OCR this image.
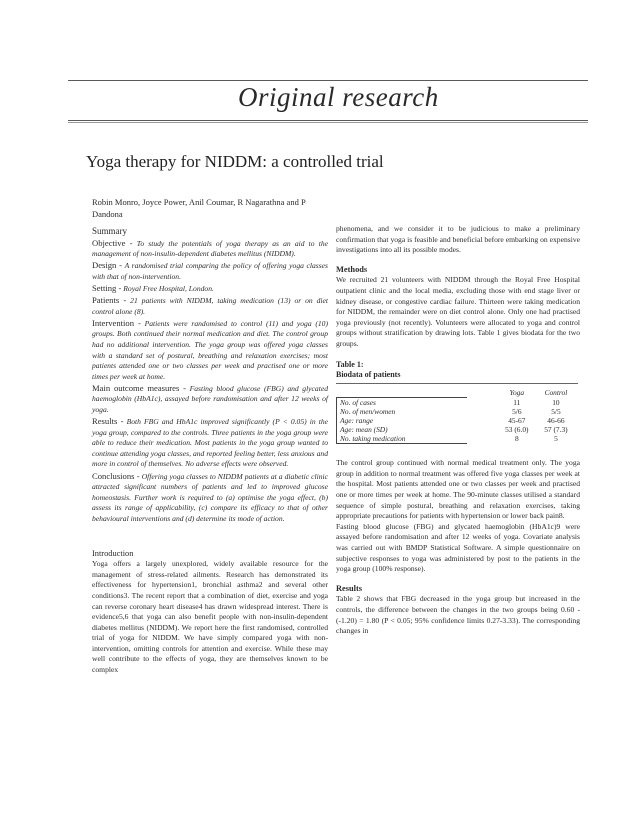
Original research
Yoga therapy for NIDDM: a controlled trial
Robin Monro, Joyce Power, Anil Coumar, R Nagarathna and P Dandona
Summary
Objective - To study the potentials of yoga therapy as an aid to the management of non-insulin-dependent diabetes mellitus (NIDDM).
Design - A randomised trial comparing the policy of offering yoga classes with that of non-intervention.
Setting - Royal Free Hospital, London.
Patients - 21 patients with NIDDM, taking medication (13) or on diet control alone (8).
Intervention - Patients were randomised to control (11) and yoga (10) groups. Both continued their normal medication and diet. The control group had no additional intervention. The yoga group was offered yoga classes with a standard set of postural, breathing and relaxation exercises; most patients attended one or two classes per week and practised one or more times per week at home.
Main outcome measures - Fasting blood glucose (FBG) and glycated haemoglobin (HbA1c), assayed before randomisation and after 12 weeks of yoga.
Results - Both FBG and HbA1c improved significantly (P < 0.05) in the yoga group, compared to the controls. Three patients in the yoga group were able to reduce their medication. Most patients in the yoga group wanted to continue attending yoga classes, and reported feeling better, less anxious and more in control of themselves. No adverse effects were observed.
Conclusions - Offering yoga classes to NIDDM patients at a diabetic clinic attracted significant numbers of patients and led to improved glucose homeostasis. Further work is required to (a) optimise the yoga effect, (b) assess its range of applicability, (c) compare its efficacy to that of other behavioural interventions and (d) determine its mode of action.
Introduction
Yoga offers a largely unexplored, widely available resource for the management of stress-related ailments. Research has demonstrated its effectiveness for hypertension1, bronchial asthma2 and several other conditions3. The recent report that a combination of diet, exercise and yoga can reverse coronary heart disease4 has drawn widespread interest. There is evidence5,6 that yoga can also benefit people with non-insulin-dependent diabetes mellitus (NIDDM). We report here the first randomised, controlled trial of yoga for NIDDM. We have simply compared yoga with non-intervention, omitting controls for attention and exercise. While these may well contribute to the effects of yoga, they are themselves known to be complex
phenomena, and we consider it to be judicious to make a preliminary confirmation that yoga is feasible and beneficial before embarking on expensive investigations into all its possible modes.
Methods
We recruited 21 volunteers with NIDDM through the Royal Free Hospital outpatient clinic and the local media, excluding those with end stage liver or kidney disease, or congestive cardiac failure. Thirteen were taking medication for NIDDM, the remainder were on diet control alone. Only one had practised yoga previously (not recently). Volunteers were allocated to yoga and control groups without stratification by drawing lots. Table 1 gives biodata for the two groups.
Table 1:
Biodata of patients
		Yoga	Control
No. of cases		11	10
No. of men/women		5/6	5/5
Age: range		45-67	46-66
Age: mean (SD)		53 (6.0)	57 (7.3)
No. taking medication		8	5
The control group continued with normal medical treatment only. The yoga group in addition to normal treatment was offered five yoga classes per week at the hospital. Most patients attended one or two classes per week and practised one or more times per week at home. The 90-minute classes utilised a standard sequence of simple postural, breathing and relaxation exercises, taking appropriate precautions for patients with hypertension or lower back pain8.
Fasting blood glucose (FBG) and glycated haemoglobin (HbA1c)9 were assayed before randomisation and after 12 weeks of yoga. Covariate analysis was carried out with BMDP Statistical Software. A simple questionnaire on subjective responses to yoga was administered by post to the patients in the yoga group (100% response).
Results
Table 2 shows that FBG decreased in the yoga group but increased in the controls, the difference between the changes in the two groups being 0.60 - (-1.20) = 1.80 (P < 0.05; 95% confidence limits 0.27-3.33). The corresponding changes in
